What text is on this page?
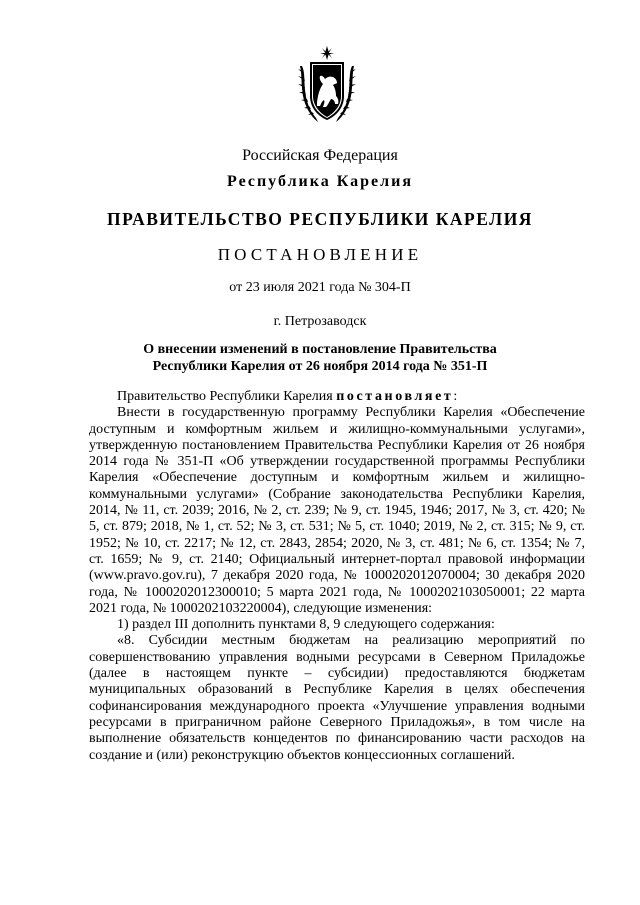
Российская Федерация
Республика Карелия
ПРАВИТЕЛЬСТВО РЕСПУБЛИКИ КАРЕЛИЯ
ПОСТАНОВЛЕНИЕ
от 23 июля 2021 года № 304-П
г. Петрозаводск
О внесении изменений в постановление Правительства
Республики Карелия от 26 ноября 2014 года № 351-П

Правительство Республики Карелия постановляет:

Внести в государственную программу Республики Карелия «Обеспечение доступным и комфортным жильем и жилищно-коммунальными услугами», утвержденную постановлением Правительства Республики Карелия от 26 ноября 2014 года № 351-П «Об утверждении государственной программы Республики Карелия «Обеспечение доступным и комфортным жильем и жилищно-коммунальными услугами» (Собрание законодательства Республики Карелия, 2014, № 11, ст. 2039; 2016, № 2, ст. 239; № 9, ст. 1945, 1946; 2017, № 3, ст. 420; № 5, ст. 879; 2018, № 1, ст. 52; № 3, ст. 531; № 5, ст. 1040; 2019, № 2, ст. 315; № 9, ст. 1952; № 10, ст. 2217; № 12, ст. 2843, 2854; 2020, № 3, ст. 481; № 6, ст. 1354; № 7, ст. 1659; № 9, ст. 2140; Официальный интернет-портал правовой информации (www.pravo.gov.ru), 7 декабря 2020 года, № 1000202012070004; 30 декабря 2020 года, № 1000202012300010; 5 марта 2021 года, № 1000202103050001; 22 марта 2021 года, № 1000202103220004), следующие изменения:

1) раздел III дополнить пунктами 8, 9 следующего содержания:

«8. Субсидии местным бюджетам на реализацию мероприятий по совершенствованию управления водными ресурсами в Северном Приладожье (далее в настоящем пункте – субсидии) предоставляются бюджетам муниципальных образований в Республике Карелия в целях обеспечения софинансирования международного проекта «Улучшение управления водными ресурсами в приграничном районе Северного Приладожья», в том числе на выполнение обязательств концедентов по финансированию части расходов на создание и (или) реконструкцию объектов концессионных соглашений.
